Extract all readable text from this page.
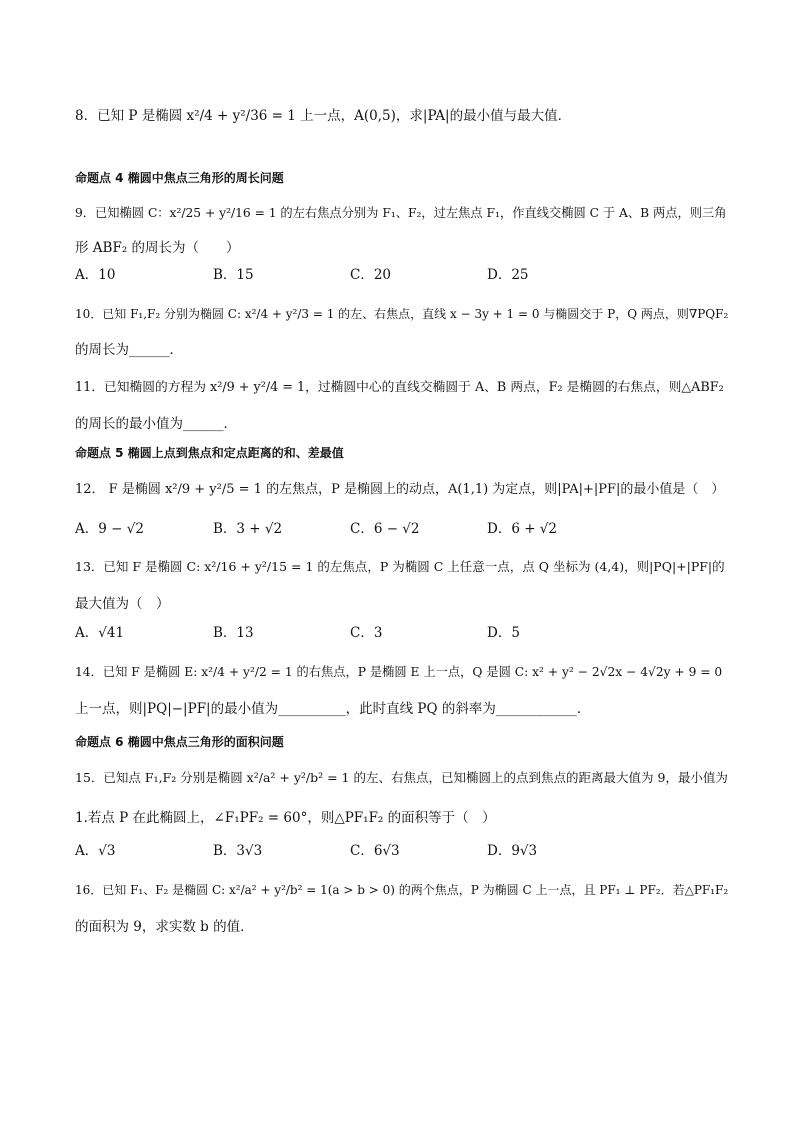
8．已知 P 是椭圆 x²/4 + y²/36 = 1 上一点，A(0,5)，求|PA|的最小值与最大值．
命题点 4 椭圆中焦点三角形的周长问题
9．已知椭圆 C：x²/25 + y²/16 = 1 的左右焦点分别为 F₁、F₂，过左焦点 F₁，作直线交椭圆 C 于 A、B 两点，则三角
形 ABF₂ 的周长为（　　）
A．10	B．15	C．20	D．25
10．已知 F₁,F₂ 分别为椭圆 C: x²/4 + y²/3 = 1 的左、右焦点，直线 x − 3y + 1 = 0 与椭圆交于 P，Q 两点，则∇PQF₂
的周长为______．
11．已知椭圆的方程为 x²/9 + y²/4 = 1，过椭圆中心的直线交椭圆于 A、B 两点，F₂ 是椭圆的右焦点，则△ABF₂
的周长的最小值为______．
命题点 5 椭圆上点到焦点和定点距离的和、差最值
12． F 是椭圆 x²/9 + y²/5 = 1 的左焦点，P 是椭圆上的动点，A(1,1) 为定点，则|PA|+|PF|的最小值是（　）
A．9 − √2	B．3 + √2	C．6 − √2	D．6 + √2
13．已知 F 是椭圆 C: x²/16 + y²/15 = 1 的左焦点，P 为椭圆 C 上任意一点，点 Q 坐标为 (4,4)，则|PQ|+|PF|的
最大值为（　）
A．√41	B．13	C．3	D．5
14．已知 F 是椭圆 E: x²/4 + y²/2 = 1 的右焦点，P 是椭圆 E 上一点，Q 是圆 C: x² + y² − 2√2x − 4√2y + 9 = 0
上一点，则|PQ|−|PF|的最小值为__________，此时直线 PQ 的斜率为____________．
命题点 6 椭圆中焦点三角形的面积问题
15．已知点 F₁,F₂ 分别是椭圆 x²/a² + y²/b² = 1 的左、右焦点，已知椭圆上的点到焦点的距离最大值为 9，最小值为
1.若点 P 在此椭圆上，∠F₁PF₂ = 60°，则△PF₁F₂ 的面积等于（　）
A．√3	B．3√3	C．6√3	D．9√3
16．已知 F₁、F₂ 是椭圆 C: x²/a² + y²/b² = 1(a > b > 0) 的两个焦点，P 为椭圆 C 上一点，且 PF₁ ⊥ PF₂．若△PF₁F₂
的面积为 9，求实数 b 的值．
